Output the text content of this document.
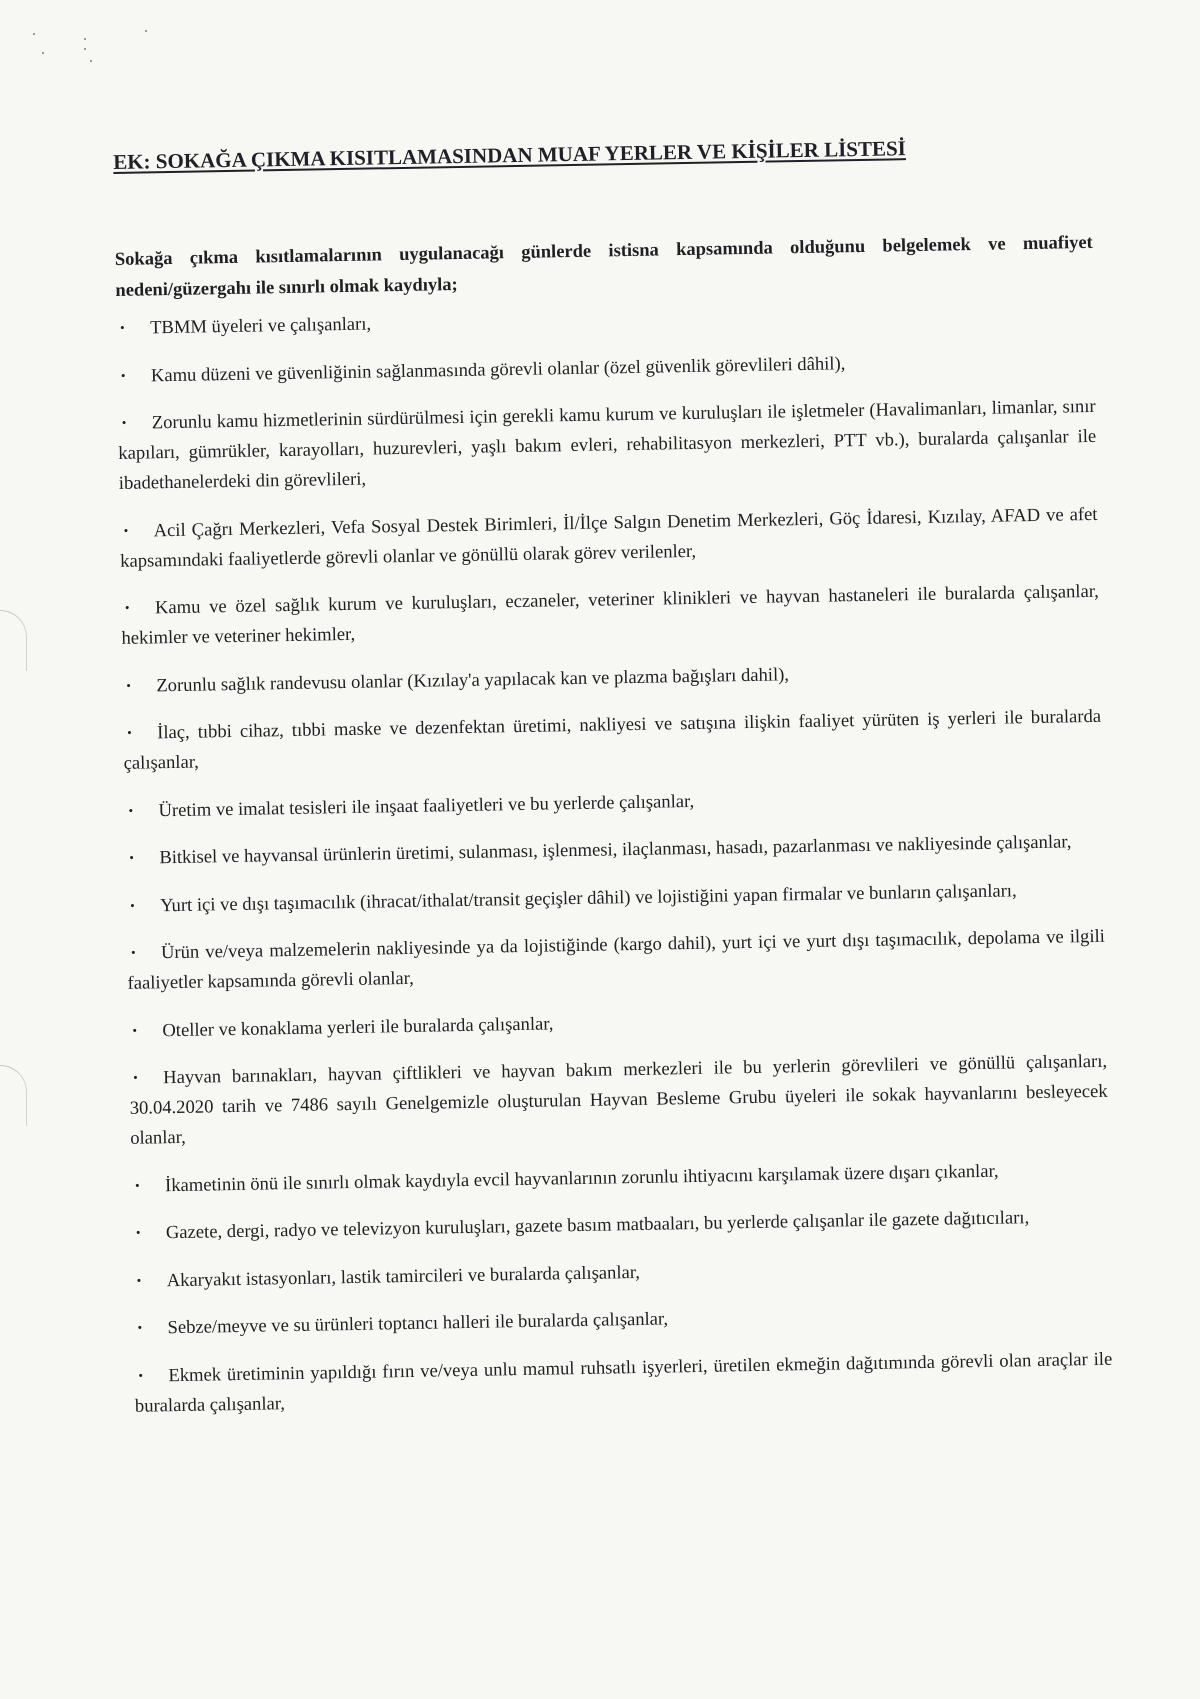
EK: SOKAĞA ÇIKMA KISITLAMASINDAN MUAF YERLER VE KİŞİLER LİSTESİ

Sokağa çıkma kısıtlamalarının uygulanacağı günlerde istisna kapsamında olduğunu belgelemek ve muafiyet nedeni/güzergahı ile sınırlı olmak kaydıyla;

• TBMM üyeleri ve çalışanları,
• Kamu düzeni ve güvenliğinin sağlanmasında görevli olanlar (özel güvenlik görevlileri dâhil),
• Zorunlu kamu hizmetlerinin sürdürülmesi için gerekli kamu kurum ve kuruluşları ile işletmeler (Havalimanları, limanlar, sınır kapıları, gümrükler, karayolları, huzurevleri, yaşlı bakım evleri, rehabilitasyon merkezleri, PTT vb.), buralarda çalışanlar ile ibadethanelerdeki din görevlileri,
• Acil Çağrı Merkezleri, Vefa Sosyal Destek Birimleri, İl/İlçe Salgın Denetim Merkezleri, Göç İdaresi, Kızılay, AFAD ve afet kapsamındaki faaliyetlerde görevli olanlar ve gönüllü olarak görev verilenler,
• Kamu ve özel sağlık kurum ve kuruluşları, eczaneler, veteriner klinikleri ve hayvan hastaneleri ile buralarda çalışanlar, hekimler ve veteriner hekimler,
• Zorunlu sağlık randevusu olanlar (Kızılay'a yapılacak kan ve plazma bağışları dahil),
• İlaç, tıbbi cihaz, tıbbi maske ve dezenfektan üretimi, nakliyesi ve satışına ilişkin faaliyet yürüten iş yerleri ile buralarda çalışanlar,
• Üretim ve imalat tesisleri ile inşaat faaliyetleri ve bu yerlerde çalışanlar,
• Bitkisel ve hayvansal ürünlerin üretimi, sulanması, işlenmesi, ilaçlanması, hasadı, pazarlanması ve nakliyesinde çalışanlar,
• Yurt içi ve dışı taşımacılık (ihracat/ithalat/transit geçişler dâhil) ve lojistiğini yapan firmalar ve bunların çalışanları,
• Ürün ve/veya malzemelerin nakliyesinde ya da lojistiğinde (kargo dahil), yurt içi ve yurt dışı taşımacılık, depolama ve ilgili faaliyetler kapsamında görevli olanlar,
• Oteller ve konaklama yerleri ile buralarda çalışanlar,
• Hayvan barınakları, hayvan çiftlikleri ve hayvan bakım merkezleri ile bu yerlerin görevlileri ve gönüllü çalışanları, 30.04.2020 tarih ve 7486 sayılı Genelgemizle oluşturulan Hayvan Besleme Grubu üyeleri ile sokak hayvanlarını besleyecek olanlar,
• İkametinin önü ile sınırlı olmak kaydıyla evcil hayvanlarının zorunlu ihtiyacını karşılamak üzere dışarı çıkanlar,
• Gazete, dergi, radyo ve televizyon kuruluşları, gazete basım matbaaları, bu yerlerde çalışanlar ile gazete dağıtıcıları,
• Akaryakıt istasyonları, lastik tamircileri ve buralarda çalışanlar,
• Sebze/meyve ve su ürünleri toptancı halleri ile buralarda çalışanlar,
• Ekmek üretiminin yapıldığı fırın ve/veya unlu mamul ruhsatlı işyerleri, üretilen ekmeğin dağıtımında görevli olan araçlar ile buralarda çalışanlar,
